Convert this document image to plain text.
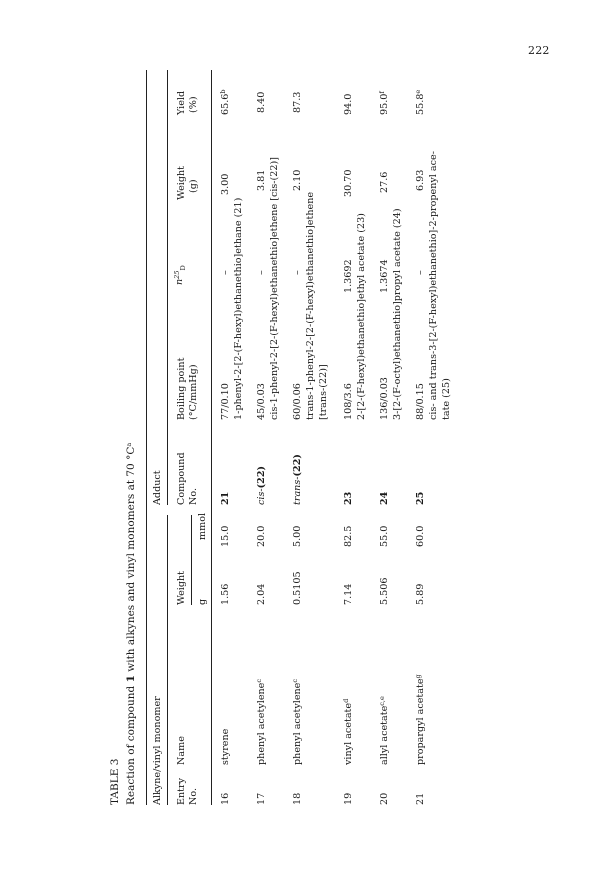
222
TABLE 3 Reaction of compound 1 with alkynes and vinyl monomers at 70 $^\circ C^a$
Alkyne/vinyl monomer
Adduct
Entry No.
Name
Weight g
mmol
Compound No.
Boiling point (°C/mmHg)
$n^{25}_D$
Weight (g)
Yield (%)
16
styrene
1.56
15.0
21
77/0.10
–
3.00
65.6$^b$
1-phenyl-2-[2-(F-hexyl)ethanethio]ethane (21)
17
phenyl acetylene$^c$
2.04
20.0
cis-(22)
45/0.03
–
3.81
8.40
cis-1-phenyl-2-[2-(F-hexyl)ethanethio]ethene [cis-(22)]
18
phenyl acetylene$^c$
0.5105
5.00
trans-(22)
60/0.06
–
2.10
87.3
trans-1-phenyl-2-[2-(F-hexyl)ethanethio]ethene [trans-(22)]
19
vinyl acetate$^d$
7.14
82.5
23
108/3.6
1.3692
30.70
94.0
2-[2-(F-hexyl)ethanethio]ethyl acetate (23)
20
allyl acetate$^{c,e}$
5.506
55.0
24
136/0.03
1.3674
27.6
95.0$^f$
3-[2-(F-octyl)ethanethio]propyl acetate (24)
21
propargyl acetate$^g$
5.89
60.0
25
88/0.15
–
6.93
55.8e
cis- and trans-3-[2-(F-hexyl)ethanethio]-2-propenyl ace- tate (25)
